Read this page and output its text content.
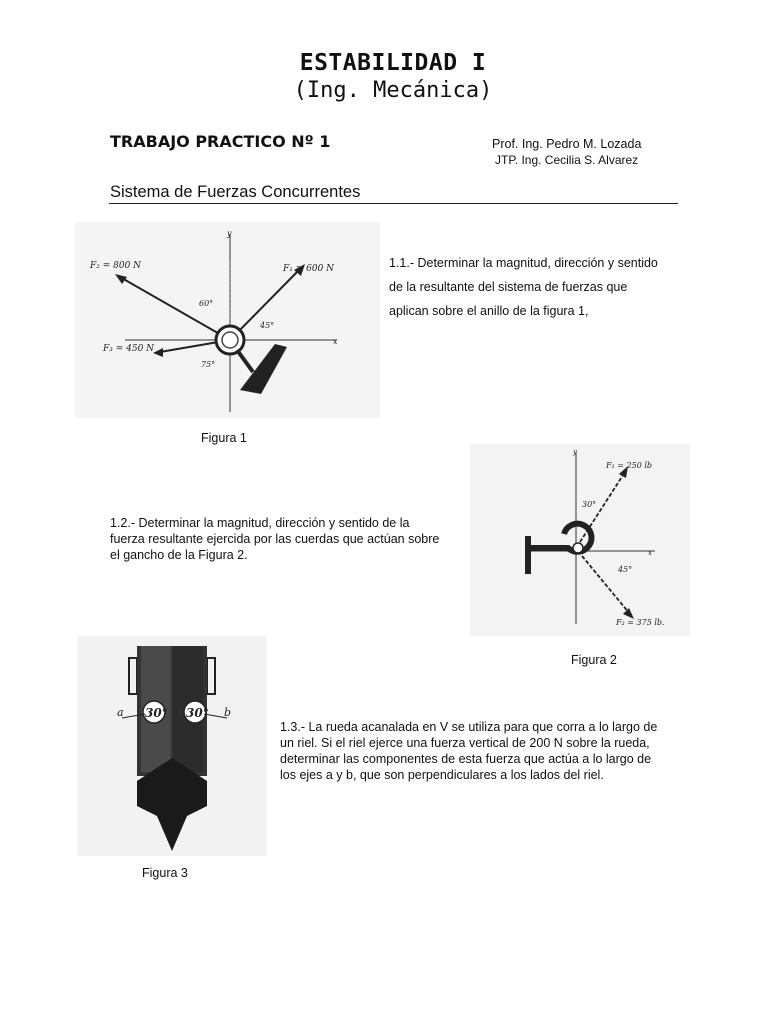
ESTABILIDAD I
(Ing. Mecánica)
TRABAJO PRACTICO Nº 1	Prof. Ing. Pedro M. Lozada
JTP. Ing. Cecilia S. Alvarez
Sistema de Fuerzas Concurrentes
F₂ = 800 N	F₁ = 600 N
F₃ = 450 N
60°
45°
75°
x
y
1.1.- Determinar la magnitud, dirección y sentido
de la resultante del sistema de fuerzas que
aplican sobre el anillo de la figura 1,
Figura 1
F₁ = 250 lb
F₂ = 375 lb.
30°
45°
x
y
1.2.- Determinar la magnitud, dirección y sentido de la
fuerza resultante ejercida por las cuerdas que actúan sobre
el gancho de la Figura 2.
Figura 2
30° 30°
a	b
1.3.- La rueda acanalada en V se utiliza para que corra a lo largo de
un riel. Si el riel ejerce una fuerza vertical de 200 N sobre la rueda,
determinar las componentes de esta fuerza que actúa a lo largo de
los ejes a y b, que son perpendiculares a los lados del riel.
Figura 3
